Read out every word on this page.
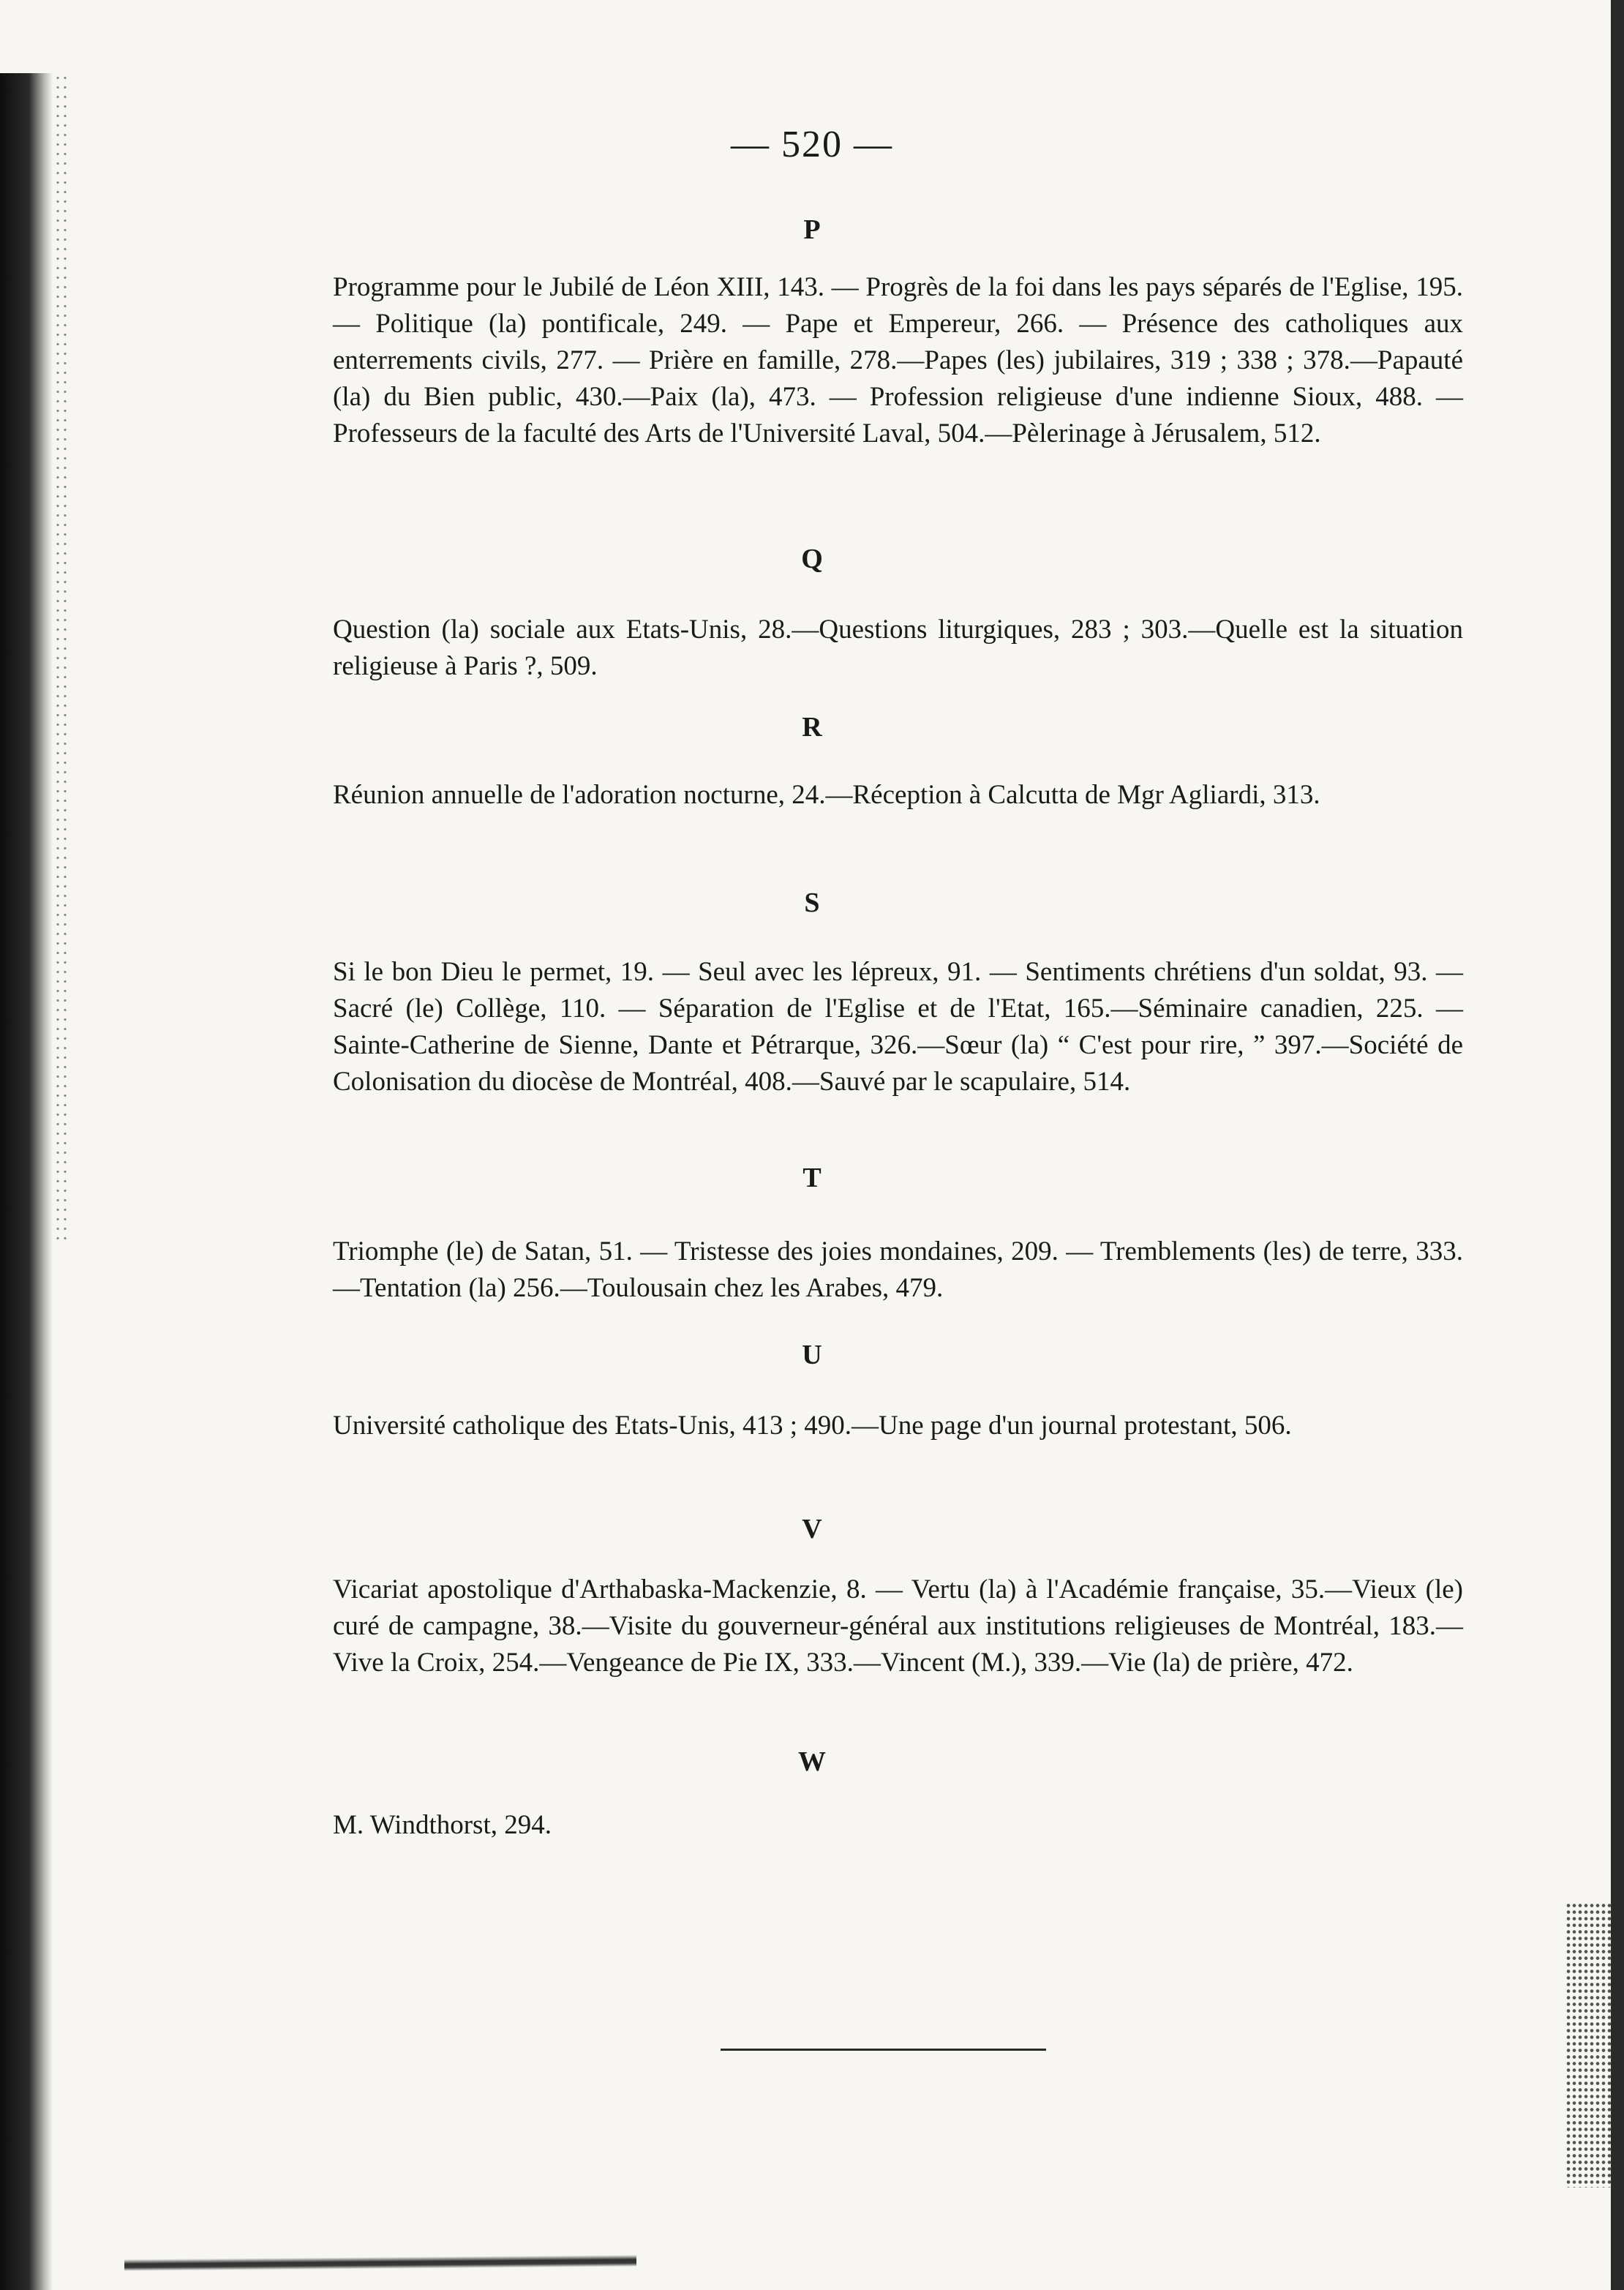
— 520 —
P
Programme pour le Jubilé de Léon XIII, 143. — Progrès de la foi dans les pays séparés de l'Eglise, 195. — Politique (la) pontificale, 249. — Pape et Empereur, 266. — Présence des catholiques aux enterrements civils, 277. — Prière en famille, 278.—Papes (les) jubilaires, 319 ; 338 ; 378.—Papauté (la) du Bien public, 430.—Paix (la), 473. — Profession religieuse d'une indienne Sioux, 488. — Professeurs de la faculté des Arts de l'Université Laval, 504.—Pèlerinage à Jérusalem, 512.
Q
Question (la) sociale aux Etats-Unis, 28.—Questions liturgiques, 283 ; 303.—Quelle est la situation religieuse à Paris ?, 509.
R
Réunion annuelle de l'adoration nocturne, 24.—Réception à Calcutta de Mgr Agliardi, 313.
S
Si le bon Dieu le permet, 19. — Seul avec les lépreux, 91. — Sentiments chrétiens d'un soldat, 93. — Sacré (le) Collège, 110. — Séparation de l'Eglise et de l'Etat, 165.—Séminaire canadien, 225. — Sainte-Catherine de Sienne, Dante et Pétrarque, 326.—Sœur (la) “ C'est pour rire, ” 397.—Société de Colonisation du diocèse de Montréal, 408.—Sauvé par le scapulaire, 514.
T
Triomphe (le) de Satan, 51. — Tristesse des joies mondaines, 209. — Tremblements (les) de terre, 333.—Tentation (la) 256.—Toulousain chez les Arabes, 479.
U
Université catholique des Etats-Unis, 413 ; 490.—Une page d'un journal protestant, 506.
V
Vicariat apostolique d'Arthabaska-Mackenzie, 8. — Vertu (la) à l'Académie française, 35.—Vieux (le) curé de campagne, 38.—Visite du gouverneur-général aux institutions religieuses de Montréal, 183.—Vive la Croix, 254.—Vengeance de Pie IX, 333.—Vincent (M.), 339.—Vie (la) de prière, 472.
W
M. Windthorst, 294.
